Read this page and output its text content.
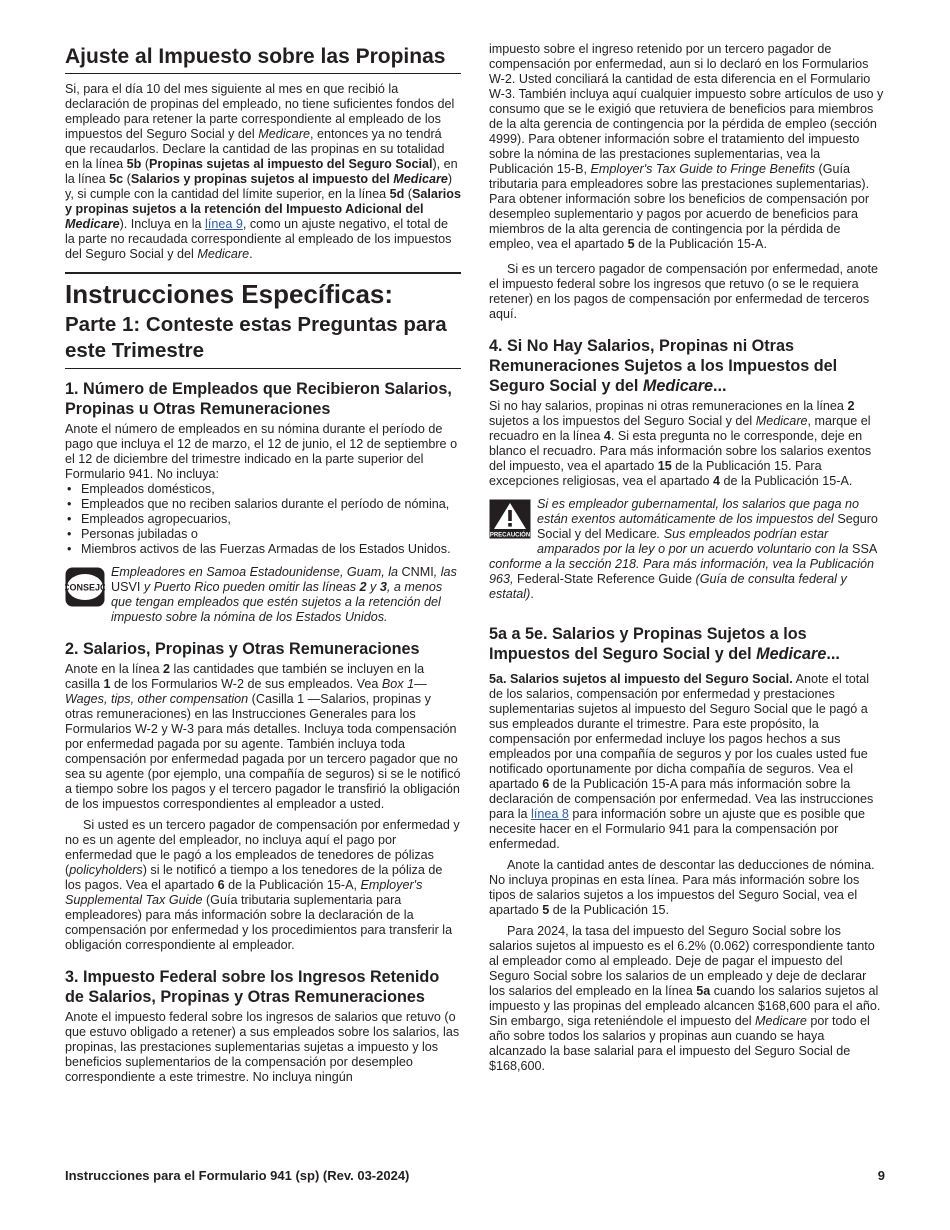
Ajuste al Impuesto sobre las Propinas

Si, para el día 10 del mes siguiente al mes en que recibió la declaración de propinas del empleado, no tiene suficientes fondos del empleado para retener la parte correspondiente al empleado de los impuestos del Seguro Social y del Medicare, entonces ya no tendrá que recaudarlos. Declare la cantidad de las propinas en su totalidad en la línea 5b (Propinas sujetas al impuesto del Seguro Social), en la línea 5c (Salarios y propinas sujetos al impuesto del Medicare) y, si cumple con la cantidad del límite superior, en la línea 5d (Salarios y propinas sujetos a la retención del Impuesto Adicional del Medicare). Incluya en la línea 9, como un ajuste negativo, el total de la parte no recaudada correspondiente al empleado de los impuestos del Seguro Social y del Medicare.

Instrucciones Específicas:
Parte 1: Conteste estas Preguntas para este Trimestre
1. Número de Empleados que Recibieron Salarios, Propinas u Otras Remuneraciones

Anote el número de empleados en su nómina durante el período de pago que incluya el 12 de marzo, el 12 de junio, el 12 de septiembre o el 12 de diciembre del trimestre indicado en la parte superior del Formulario 941. No incluya:

• Empleados domésticos,
• Empleados que no reciben salarios durante el período de nómina,
• Empleados agropecuarios,
• Personas jubiladas o
• Miembros activos de las Fuerzas Armadas de los Estados Unidos.
CONSEJO
Empleadores en Samoa Estadounidense, Guam, la CNMI, las USVI y Puerto Rico pueden omitir las líneas 2 y 3, a menos que tengan empleados que estén sujetos a la retención del impuesto sobre la nómina de los Estados Unidos.
2. Salarios, Propinas y Otras Remuneraciones

Anote en la línea 2 las cantidades que también se incluyen en la casilla 1 de los Formularios W-2 de sus empleados. Vea Box 1—Wages, tips, other compensation (Casilla 1 —Salarios, propinas y otras remuneraciones) en las Instrucciones Generales para los Formularios W-2 y W-3 para más detalles. Incluya toda compensación por enfermedad pagada por su agente. También incluya toda compensación por enfermedad pagada por un tercero pagador que no sea su agente (por ejemplo, una compañía de seguros) si se le notificó a tiempo sobre los pagos y el tercero pagador le transfirió la obligación de los impuestos correspondientes al empleador a usted.

Si usted es un tercero pagador de compensación por enfermedad y no es un agente del empleador, no incluya aquí el pago por enfermedad que le pagó a los empleados de tenedores de pólizas (policyholders) si le notificó a tiempo a los tenedores de la póliza de los pagos. Vea el apartado 6 de la Publicación 15-A, Employer's Supplemental Tax Guide (Guía tributaria suplementaria para empleadores) para más información sobre la declaración de la compensación por enfermedad y los procedimientos para transferir la obligación correspondiente al empleador.

3. Impuesto Federal sobre los Ingresos Retenido de Salarios, Propinas y Otras Remuneraciones

Anote el impuesto federal sobre los ingresos de salarios que retuvo (o que estuvo obligado a retener) a sus empleados sobre los salarios, las propinas, las prestaciones suplementarias sujetas a impuesto y los beneficios suplementarios de la compensación por desempleo correspondiente a este trimestre. No incluya ningún

impuesto sobre el ingreso retenido por un tercero pagador de compensación por enfermedad, aun si lo declaró en los Formularios W-2. Usted conciliará la cantidad de esta diferencia en el Formulario W-3. También incluya aquí cualquier impuesto sobre artículos de uso y consumo que se le exigió que retuviera de beneficios para miembros de la alta gerencia de contingencia por la pérdida de empleo (sección 4999). Para obtener información sobre el tratamiento del impuesto sobre la nómina de las prestaciones suplementarias, vea la Publicación 15-B, Employer's Tax Guide to Fringe Benefits (Guía tributaria para empleadores sobre las prestaciones suplementarias). Para obtener información sobre los beneficios de compensación por desempleo suplementario y pagos por acuerdo de beneficios para miembros de la alta gerencia de contingencia por la pérdida de empleo, vea el apartado 5 de la Publicación 15-A.

Si es un tercero pagador de compensación por enfermedad, anote el impuesto federal sobre los ingresos que retuvo (o se le requiera retener) en los pagos de compensación por enfermedad de terceros aquí.

4. Si No Hay Salarios, Propinas ni Otras Remuneraciones Sujetos a los Impuestos del Seguro Social y del Medicare...

Si no hay salarios, propinas ni otras remuneraciones en la línea 2 sujetos a los impuestos del Seguro Social y del Medicare, marque el recuadro en la línea 4. Si esta pregunta no le corresponde, deje en blanco el recuadro. Para más información sobre los salarios exentos del impuesto, vea el apartado 15 de la Publicación 15. Para excepciones religiosas, vea el apartado 4 de la Publicación 15-A.

PRECAUCIÓN
Si es empleador gubernamental, los salarios que paga no están exentos automáticamente de los impuestos del Seguro Social y del Medicare. Sus empleados podrían estar amparados por la ley o por un acuerdo voluntario con la SSA conforme a la sección 218. Para más información, vea la Publicación 963, Federal-State Reference Guide (Guía de consulta federal y estatal).
5a a 5e. Salarios y Propinas Sujetos a los Impuestos del Seguro Social y del Medicare...

5a. Salarios sujetos al impuesto del Seguro Social. Anote el total de los salarios, compensación por enfermedad y prestaciones suplementarias sujetos al impuesto del Seguro Social que le pagó a sus empleados durante el trimestre. Para este propósito, la compensación por enfermedad incluye los pagos hechos a sus empleados por una compañía de seguros y por los cuales usted fue notificado oportunamente por dicha compañía de seguros. Vea el apartado 6 de la Publicación 15-A para más información sobre la declaración de compensación por enfermedad. Vea las instrucciones para la línea 8 para información sobre un ajuste que es posible que necesite hacer en el Formulario 941 para la compensación por enfermedad.

Anote la cantidad antes de descontar las deducciones de nómina. No incluya propinas en esta línea. Para más información sobre los tipos de salarios sujetos a los impuestos del Seguro Social, vea el apartado 5 de la Publicación 15.

Para 2024, la tasa del impuesto del Seguro Social sobre los salarios sujetos al impuesto es el 6.2% (0.062) correspondiente tanto al empleador como al empleado. Deje de pagar el impuesto del Seguro Social sobre los salarios de un empleado y deje de declarar los salarios del empleado en la línea 5a cuando los salarios sujetos al impuesto y las propinas del empleado alcancen $168,600 para el año. Sin embargo, siga reteniéndole el impuesto del Medicare por todo el año sobre todos los salarios y propinas aun cuando se haya alcanzado la base salarial para el impuesto del Seguro Social de $168,600.

Instrucciones para el Formulario 941 (sp) (Rev. 03-2024)	9
